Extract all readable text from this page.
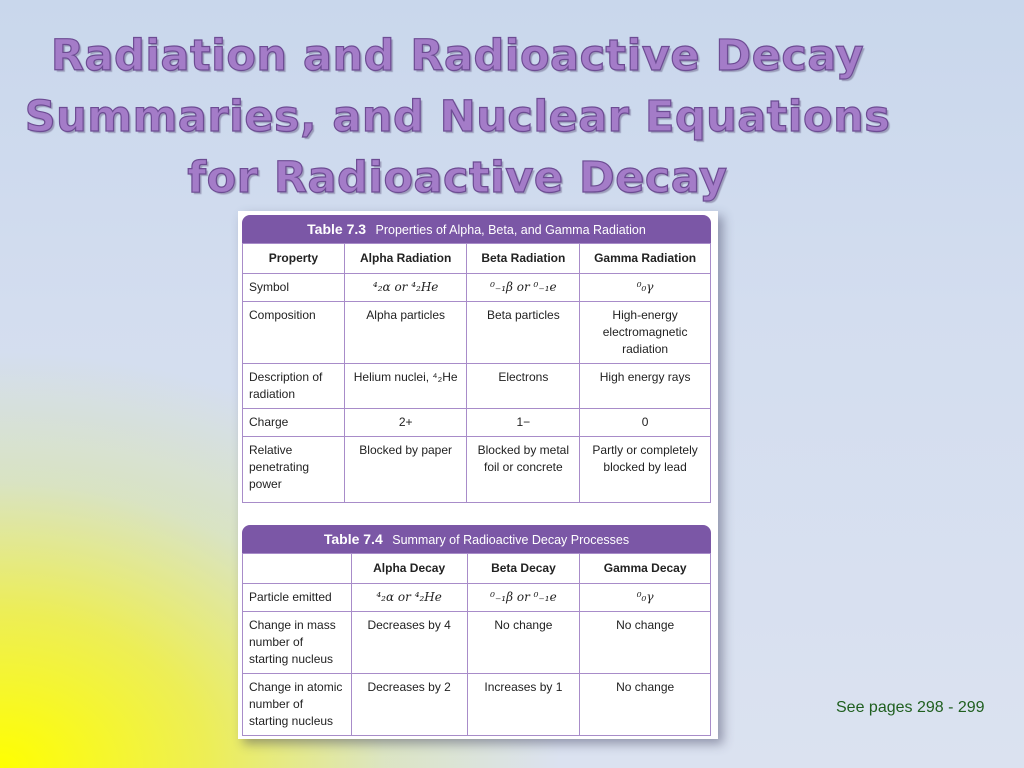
Radiation and Radioactive Decay
Summaries, and Nuclear Equations
for Radioactive Decay
Table 7.3 Properties of Alpha, Beta, and Gamma Radiation
Property	Alpha Radiation	Beta Radiation	Gamma Radiation
Symbol	⁴₂α or ⁴₂He	⁰₋₁β or ⁰₋₁e	⁰₀γ
Composition	Alpha particles	Beta particles	High-energy electromagnetic radiation
Description of radiation	Helium nuclei, ⁴₂He	Electrons	High energy rays
Charge	2+	1−	0
Relative penetrating power	Blocked by paper	Blocked by metal foil or concrete	Partly or completely blocked by lead
Table 7.4 Summary of Radioactive Decay Processes
	Alpha Decay	Beta Decay	Gamma Decay
Particle emitted	⁴₂α or ⁴₂He	⁰₋₁β or ⁰₋₁e	⁰₀γ
Change in mass number of starting nucleus	Decreases by 4	No change	No change
Change in atomic number of starting nucleus	Decreases by 2	Increases by 1	No change
See pages 298 - 299
